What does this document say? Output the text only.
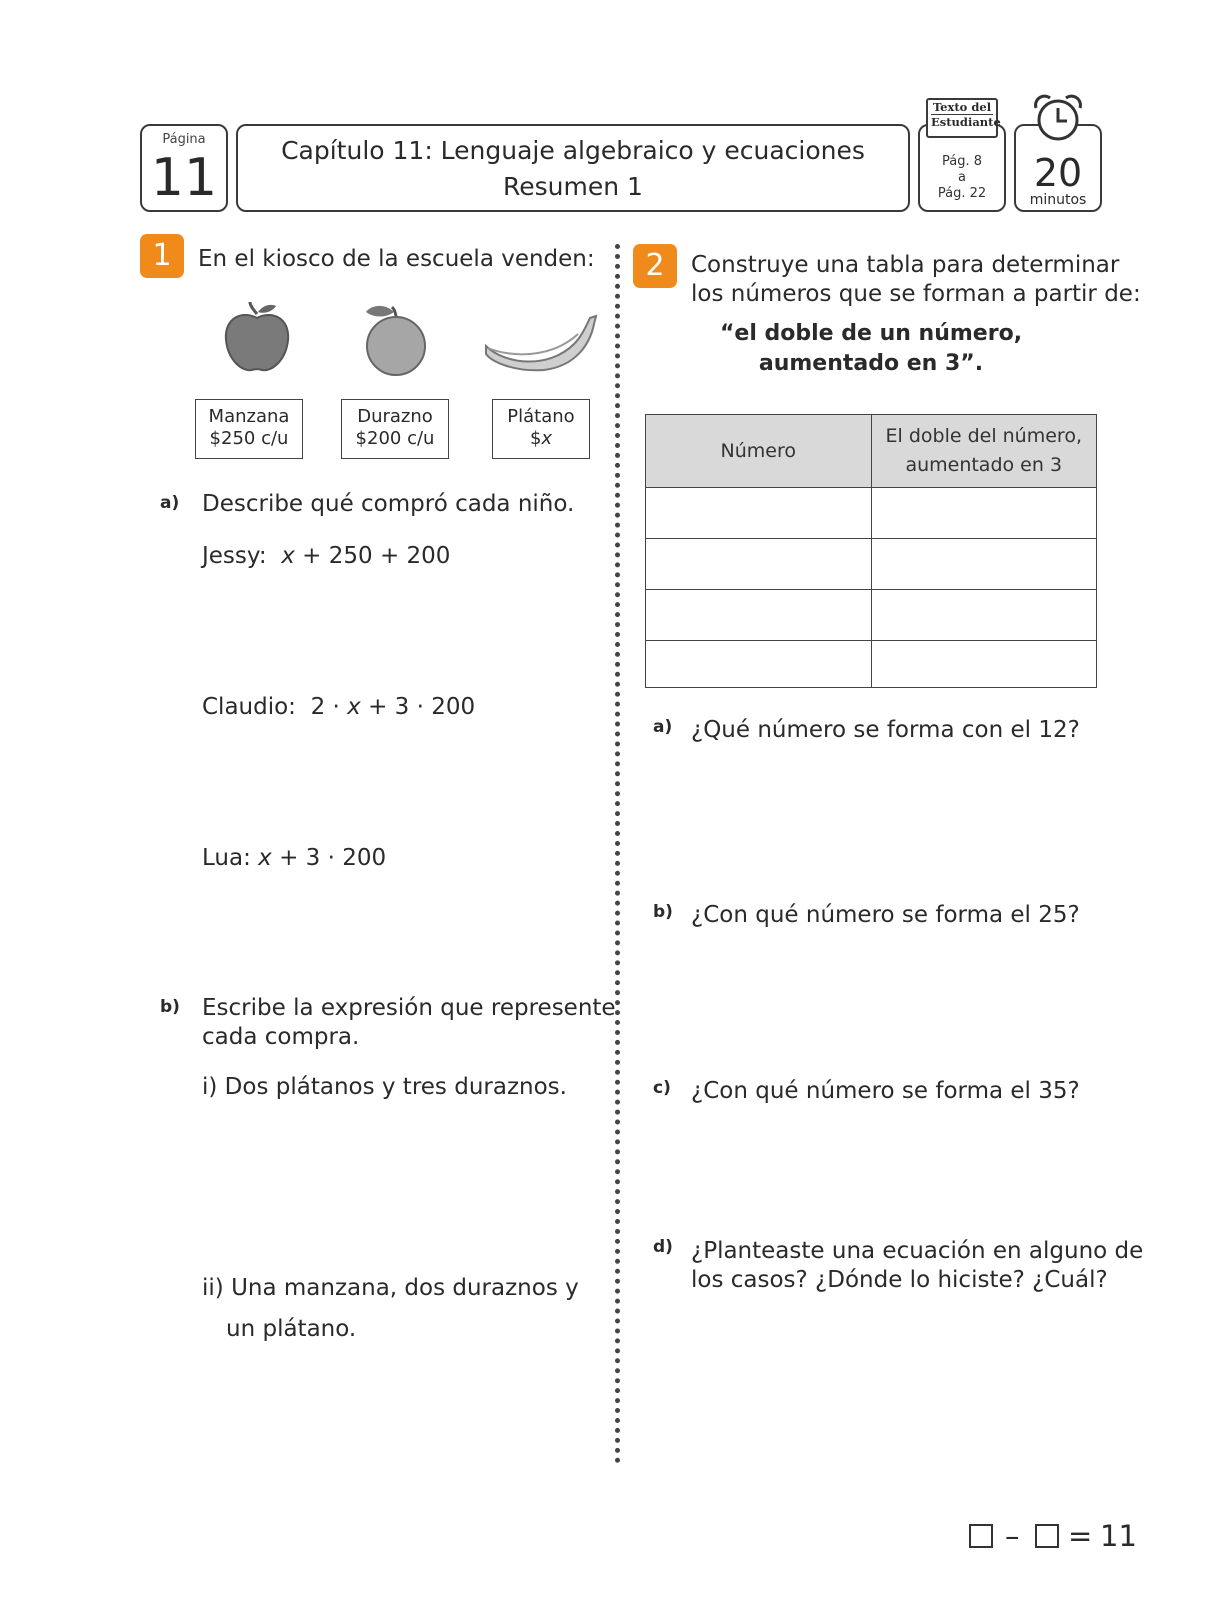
Página
11	Capítulo 11: Lenguaje algebraico y ecuaciones
Resumen 1
Pág. 8
a
Pág. 22
Texto del
Estudiante
20
minutos
1	En el kiosco de la escuela venden:
Manzana
$250 c/u
Durazno
$200 c/u
Plátano
$x
a) Describe qué compró cada niño.
Jessy: x + 250 + 200
Claudio: 2 · x + 3 · 200
Lua: x + 3 · 200
b) Escribe la expresión que represente
cada compra.
i) Dos plátanos y tres duraznos.
ii) Una manzana, dos duraznos y
un plátano.
2	Construye una tabla para determinar
los números que se forman a partir de:
“el doble de un número,
aumentado en 3”.
Número	El doble del número,
aumentado en 3

a) ¿Qué número se forma con el 12?
b) ¿Con qué número se forma el 25?
c) ¿Con qué número se forma el 35?
d) ¿Planteaste una ecuación en alguno de
los casos? ¿Dónde lo hiciste? ¿Cuál?
– = 11
